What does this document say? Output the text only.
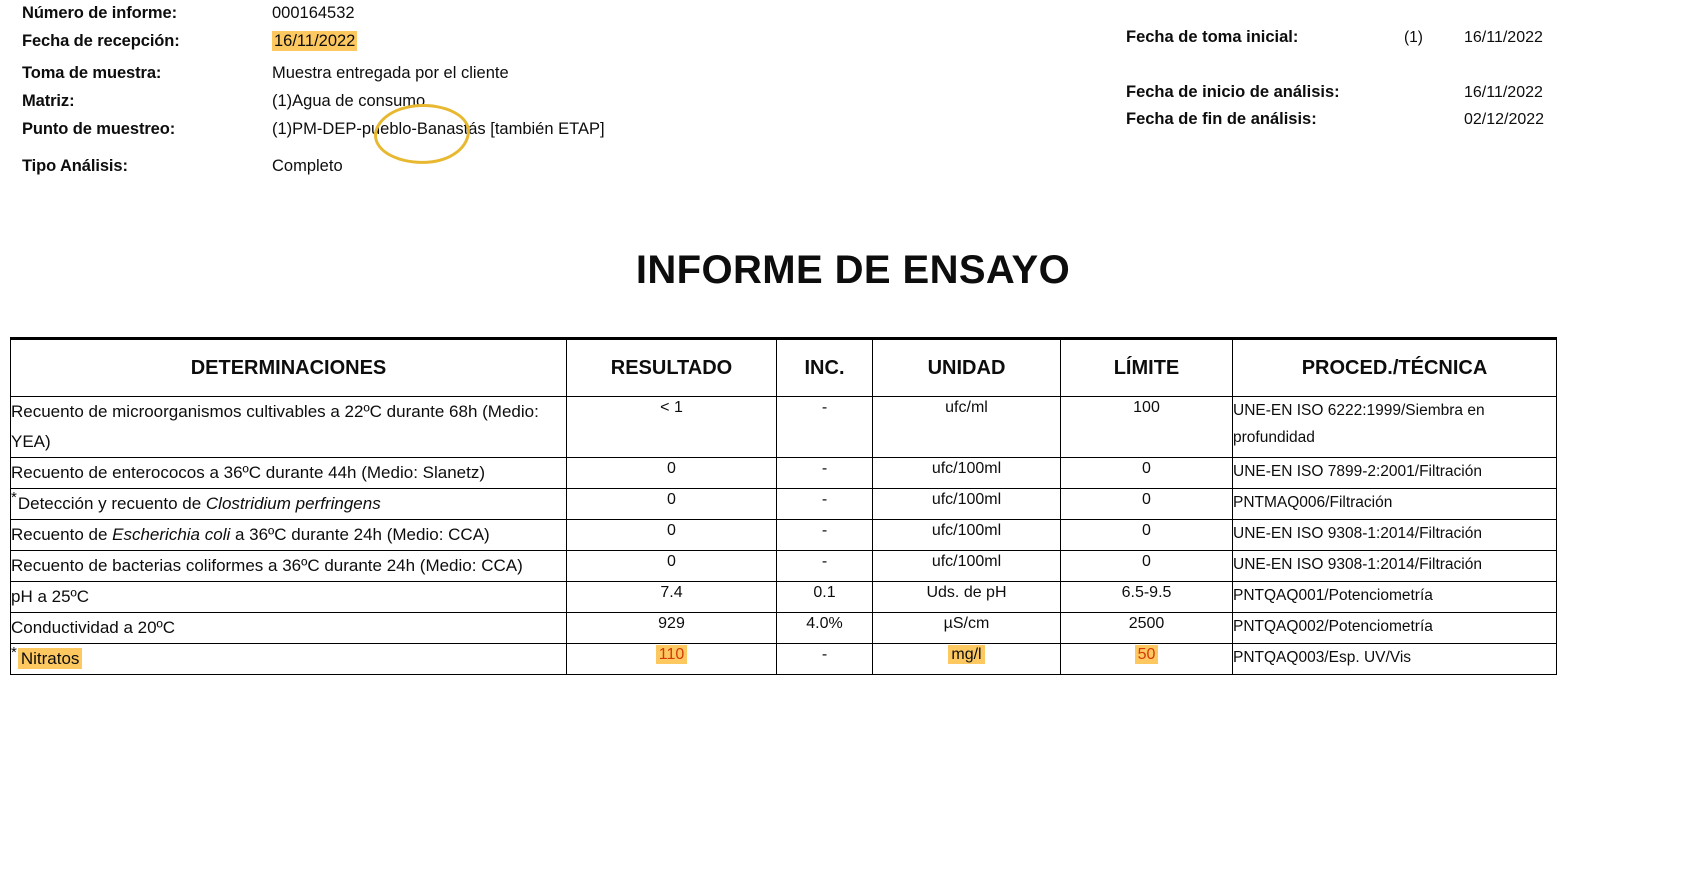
Número de informe:	000164532
Fecha de recepción:	16/11/2022
Toma de muestra:	Muestra entregada por el cliente
Matriz:	(1)Agua de consumo
Punto de muestreo:	(1)PM-DEP-pueblo-Banastás [también ETAP]
Tipo Análisis:	Completo
Fecha de toma inicial:	(1)	16/11/2022
Fecha de inicio de análisis:	16/11/2022
Fecha de fin de análisis:	02/12/2022
INFORME DE ENSAYO
DETERMINACIONES	RESULTADO	INC.	UNIDAD	LÍMITE	PROCED./TÉCNICA
Recuento de microorganismos cultivables a 22ºC durante 68h (Medio: YEA)	< 1	-	ufc/ml	100	UNE-EN ISO 6222:1999/Siembra en profundidad
Recuento de enterococos a 36ºC durante 44h (Medio: Slanetz)	0	-	ufc/100ml	0	UNE-EN ISO 7899-2:2001/Filtración
*Detección y recuento de Clostridium perfringens	0	-	ufc/100ml	0	PNTMAQ006/Filtración
Recuento de Escherichia coli a 36ºC durante 24h (Medio: CCA)	0	-	ufc/100ml	0	UNE-EN ISO 9308-1:2014/Filtración
Recuento de bacterias coliformes a 36ºC durante 24h (Medio: CCA)	0	-	ufc/100ml	0	UNE-EN ISO 9308-1:2014/Filtración
pH a 25ºC	7.4	0.1	Uds. de pH	6.5-9.5	PNTQAQ001/Potenciometría
Conductividad a 20ºC	929	4.0%	µS/cm	2500	PNTQAQ002/Potenciometría
* Nitratos	110	-	mg/l	50	PNTQAQ003/Esp. UV/Vis
